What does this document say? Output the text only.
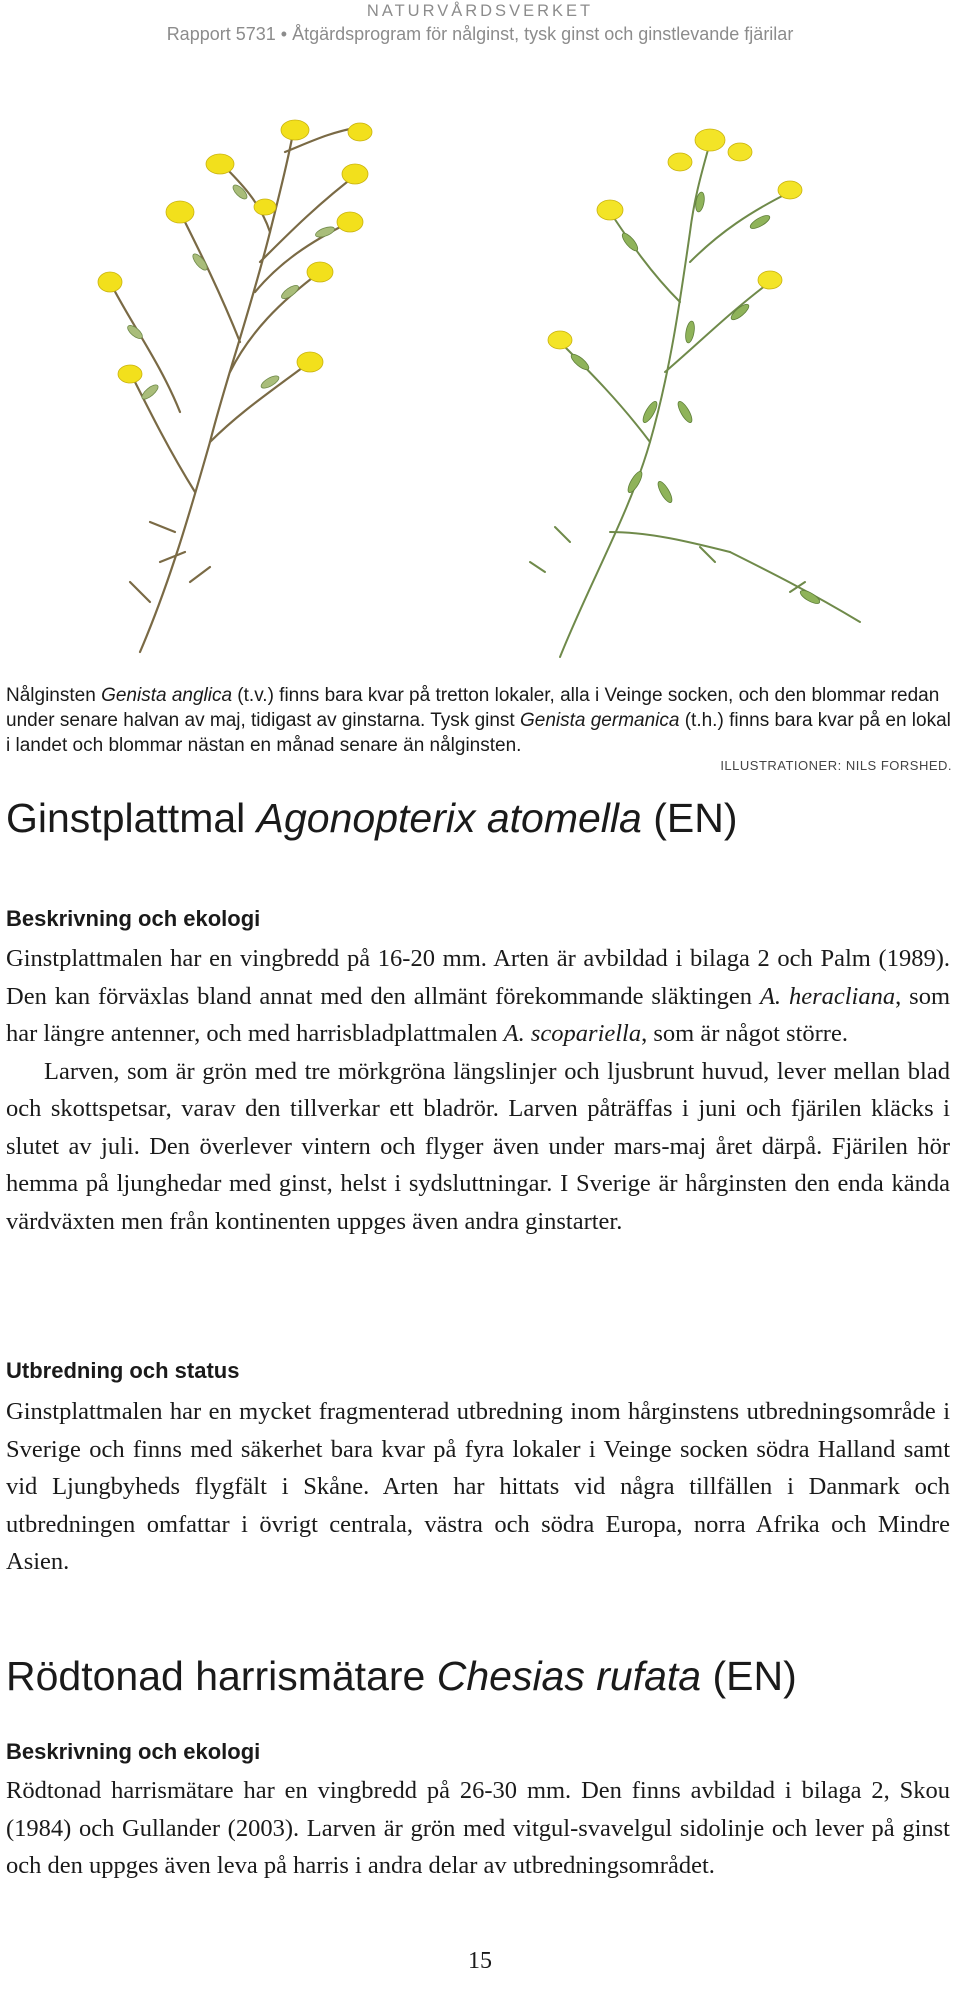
NATURVÅRDSVERKET
Rapport 5731 • Åtgärdsprogram för nålginst, tysk ginst och ginstlevande fjärilar
Nålginsten Genista anglica (t.v.) finns bara kvar på tretton lokaler, alla i Veinge socken, och den blommar redan under senare halvan av maj, tidigast av ginstarna. Tysk ginst Genista germanica (t.h.) finns bara kvar på en lokal i landet och blommar nästan en månad senare än nålginsten.
ILLUSTRATIONER: NILS FORSHED.
Ginstplattmal Agonopterix atomella (EN)
Beskrivning och ekologi

Ginstplattmalen har en vingbredd på 16-20 mm. Arten är avbildad i bilaga 2 och Palm (1989). Den kan förväxlas bland annat med den allmänt förekommande släktingen A. heracliana, som har längre antenner, och med harrisbladplattmalen A. scopariella, som är något större.

Larven, som är grön med tre mörkgröna längslinjer och ljusbrunt huvud, lever mellan blad och skottspetsar, varav den tillverkar ett bladrör. Larven påträffas i juni och fjärilen kläcks i slutet av juli. Den överlever vintern och flyger även under mars-maj året därpå. Fjärilen hör hemma på ljunghedar med ginst, helst i sydsluttningar. I Sverige är hårginsten den enda kända värdväxten men från kontinenten uppges även andra ginstarter.

Utbredning och status

Ginstplattmalen har en mycket fragmenterad utbredning inom hårginstens utbredningsområde i Sverige och finns med säkerhet bara kvar på fyra lokaler i Veinge socken södra Halland samt vid Ljungbyheds flygfält i Skåne. Arten har hittats vid några tillfällen i Danmark och utbredningen omfattar i övrigt centrala, västra och södra Europa, norra Afrika och Mindre Asien.

Rödtonad harrismätare Chesias rufata (EN)
Beskrivning och ekologi

Rödtonad harrismätare har en vingbredd på 26-30 mm. Den finns avbildad i bilaga 2, Skou (1984) och Gullander (2003). Larven är grön med vitgul-svavelgul sidolinje och lever på ginst och den uppges även leva på harris i andra delar av utbredningsområdet.

15
